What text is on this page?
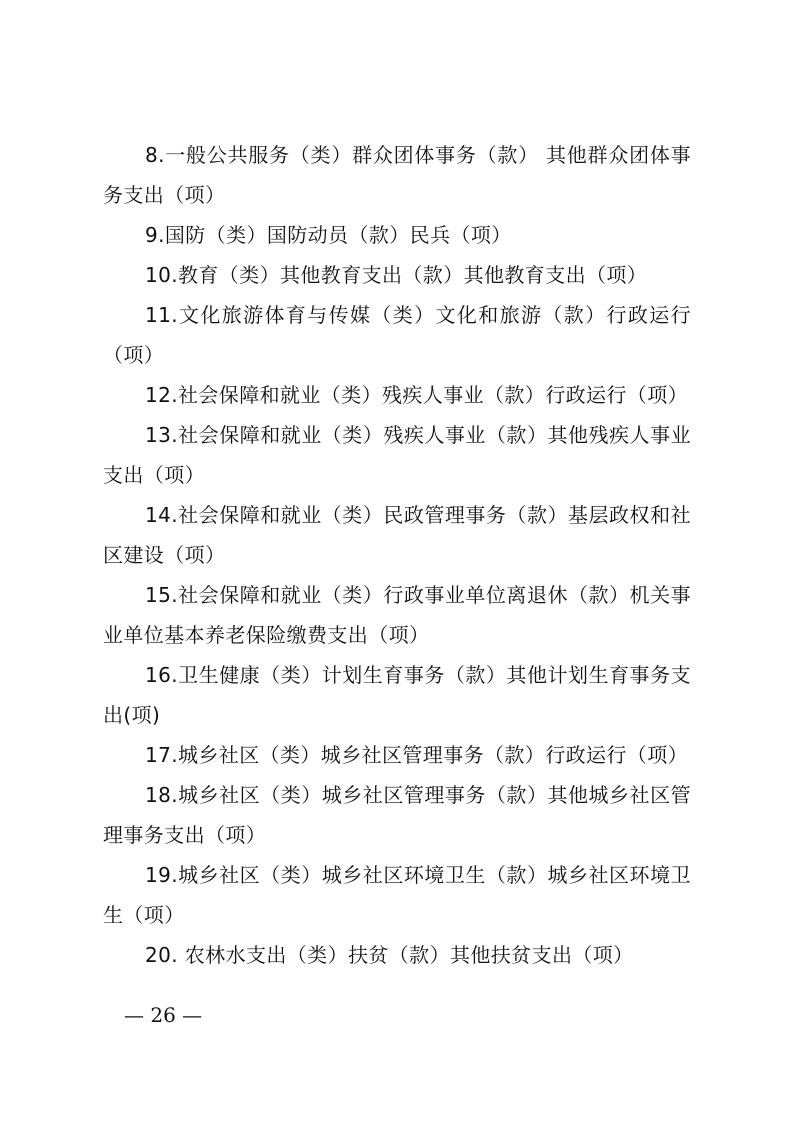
8.一般公共服务（类）群众团体事务（款） 其他群众团体事务支出（项）

9.国防（类）国防动员（款）民兵（项）

10.教育（类）其他教育支出（款）其他教育支出（项）

11.文化旅游体育与传媒（类）文化和旅游（款）行政运行（项）

12.社会保障和就业（类）残疾人事业（款）行政运行（项）

13.社会保障和就业（类）残疾人事业（款）其他残疾人事业支出（项）

14.社会保障和就业（类）民政管理事务（款）基层政权和社区建设（项）

15.社会保障和就业（类）行政事业单位离退休（款）机关事业单位基本养老保险缴费支出（项）

16.卫生健康（类）计划生育事务（款）其他计划生育事务支出(项)

17.城乡社区（类）城乡社区管理事务（款）行政运行（项）

18.城乡社区（类）城乡社区管理事务（款）其他城乡社区管理事务支出（项）

19.城乡社区（类）城乡社区环境卫生（款）城乡社区环境卫生（项）

20. 农林水支出（类）扶贫（款）其他扶贫支出（项）

— 26 —
